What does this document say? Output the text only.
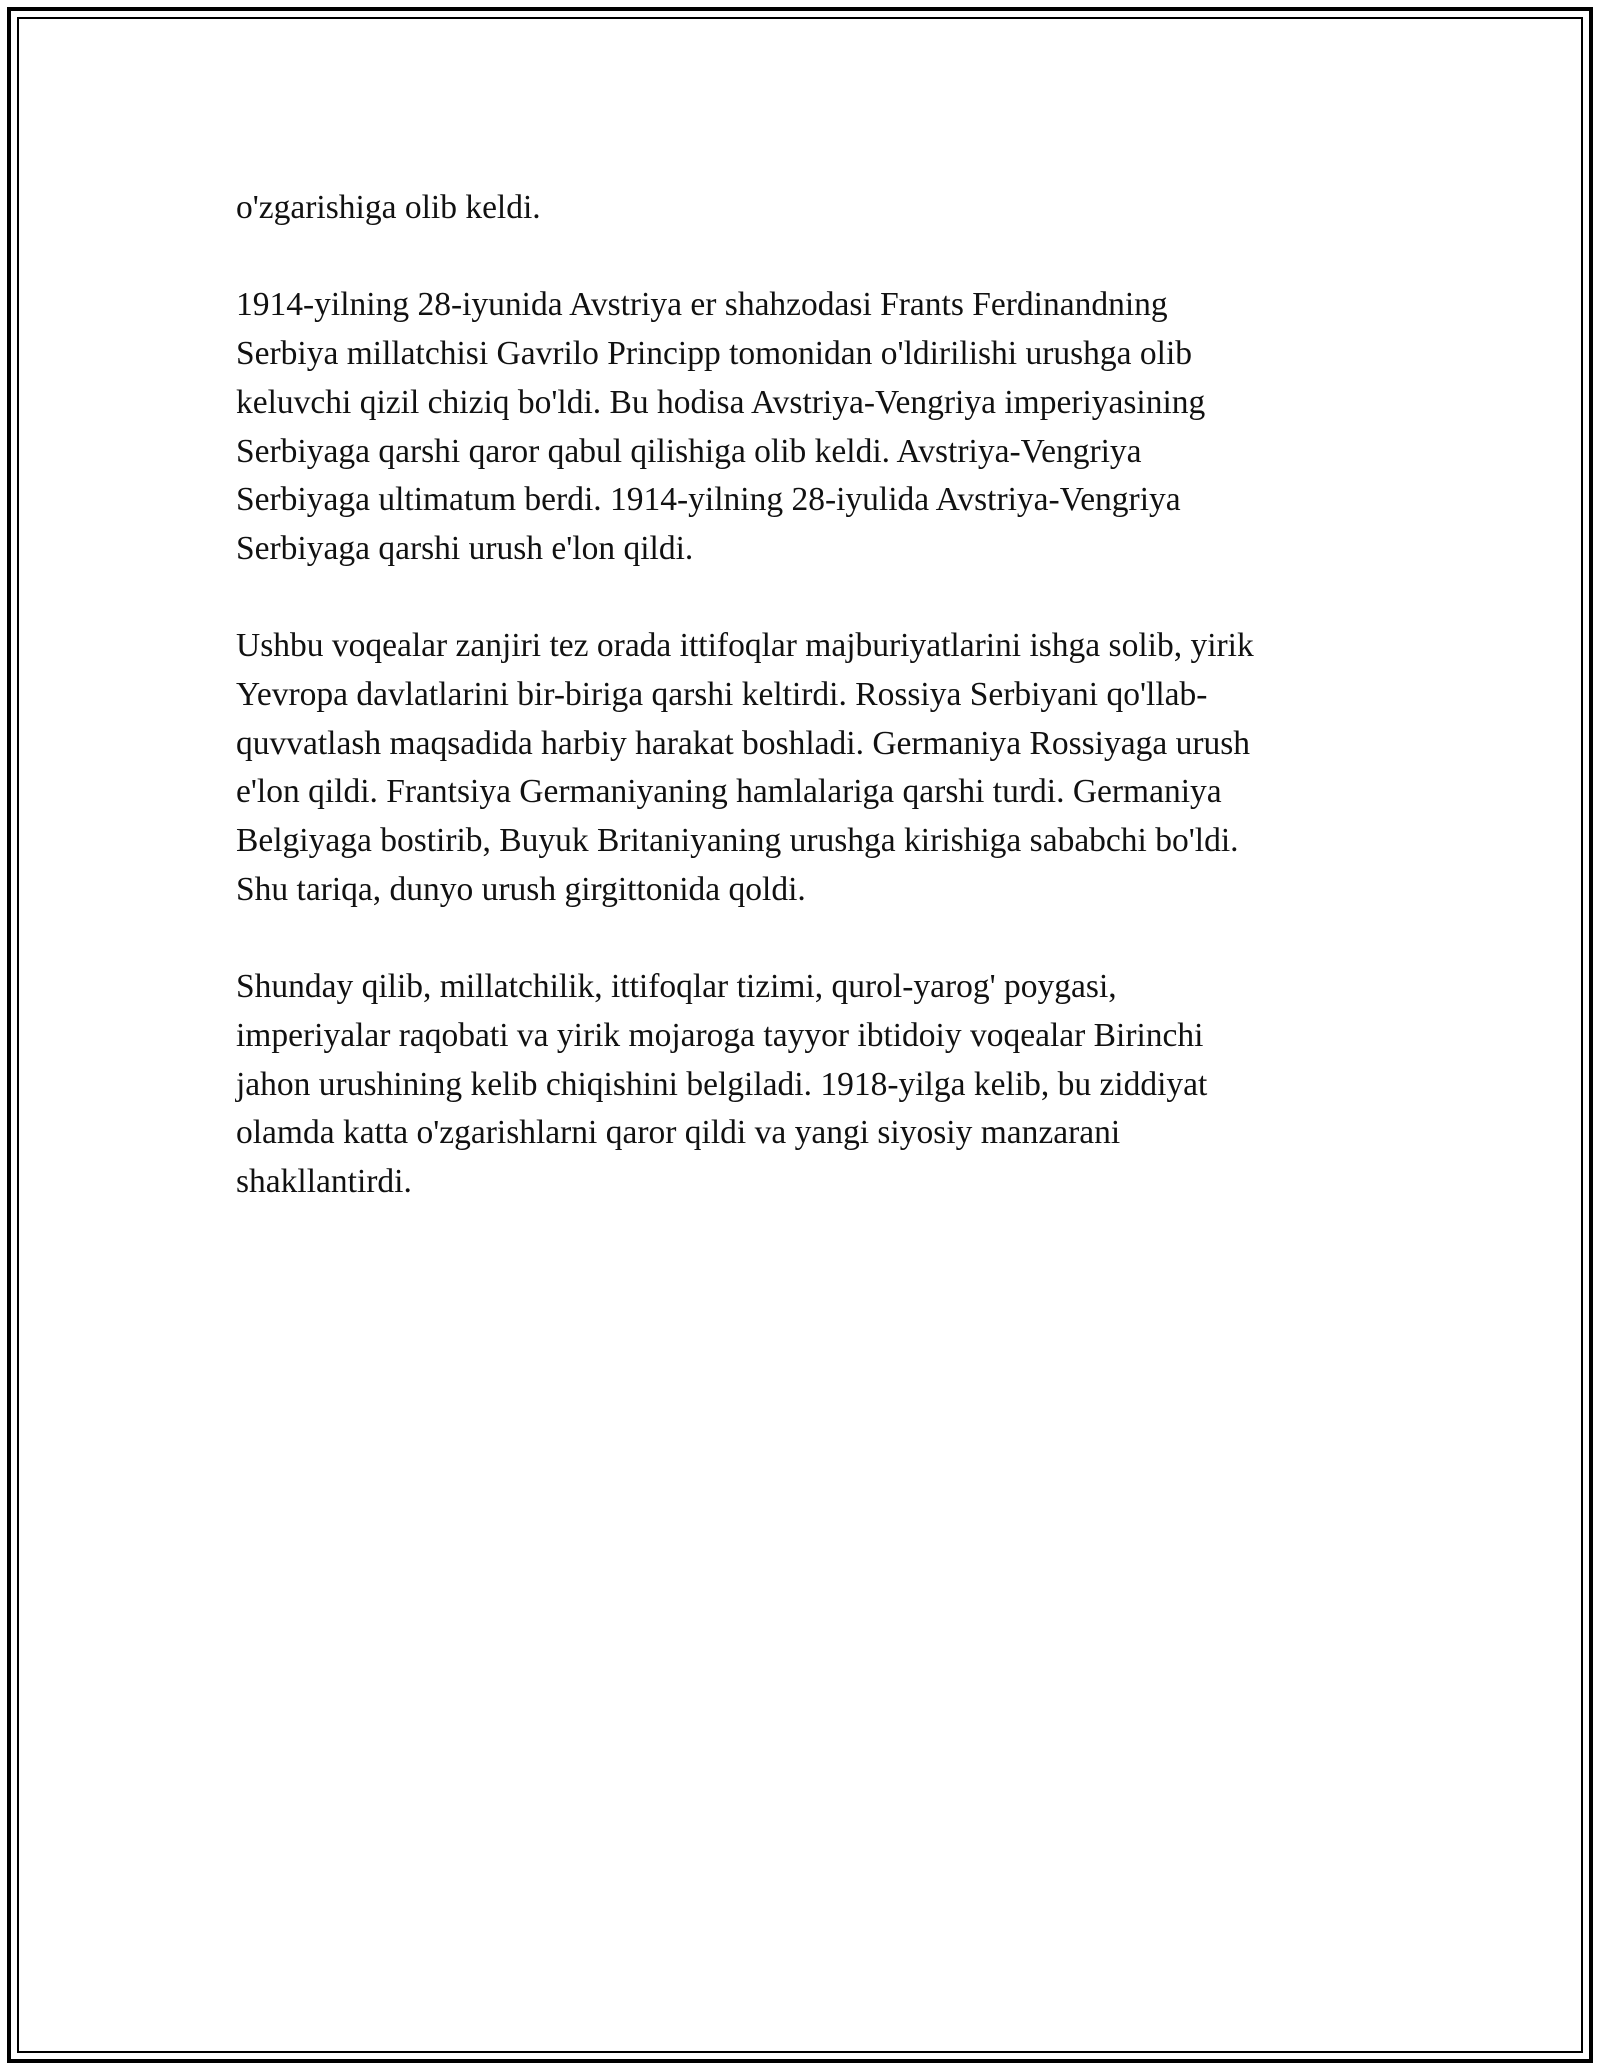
o'zgarishiga olib keldi.

1914-yilning 28-iyunida Avstriya er shahzodasi Frants Ferdinandning
Serbiya millatchisi Gavrilo Principp tomonidan o'ldirilishi urushga olib
keluvchi qizil chiziq bo'ldi. Bu hodisa Avstriya-Vengriya imperiyasining
Serbiyaga qarshi qaror qabul qilishiga olib keldi. Avstriya-Vengriya
Serbiyaga ultimatum berdi. 1914-yilning 28-iyulida Avstriya-Vengriya
Serbiyaga qarshi urush e'lon qildi.

Ushbu voqealar zanjiri tez orada ittifoqlar majburiyatlarini ishga solib, yirik
Yevropa davlatlarini bir-biriga qarshi keltirdi. Rossiya Serbiyani qo'llab-
quvvatlash maqsadida harbiy harakat boshladi. Germaniya Rossiyaga urush
e'lon qildi. Frantsiya Germaniyaning hamlalariga qarshi turdi. Germaniya
Belgiyaga bostirib, Buyuk Britaniyaning urushga kirishiga sababchi bo'ldi.
Shu tariqa, dunyo urush girgittonida qoldi.

Shunday qilib, millatchilik, ittifoqlar tizimi, qurol-yarog' poygasi,
imperiyalar raqobati va yirik mojaroga tayyor ibtidoiy voqealar Birinchi
jahon urushining kelib chiqishini belgiladi. 1918-yilga kelib, bu ziddiyat
olamda katta o'zgarishlarni qaror qildi va yangi siyosiy manzarani
shakllantirdi.
